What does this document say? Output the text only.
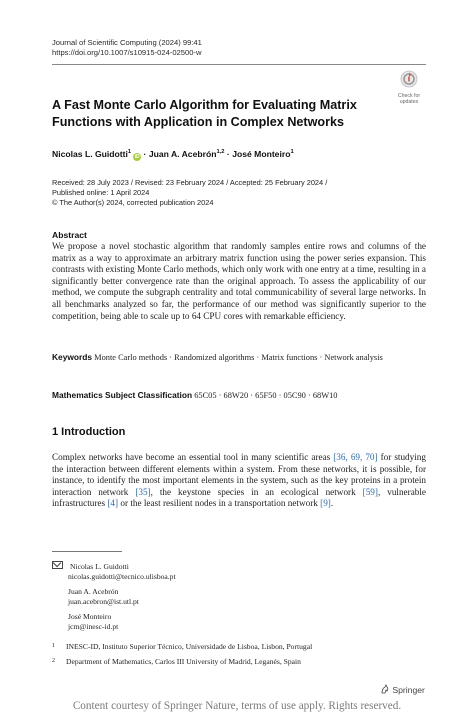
Journal of Scientific Computing (2024) 99:41
https://doi.org/10.1007/s10915-024-02500-w
Check for
updates
A Fast Monte Carlo Algorithm for Evaluating Matrix Functions with Application in Complex Networks
Nicolas L. Guidotti$^1$iD · Juan A. Acebrón$^{1,2}$ · José Monteiro$^1$
Received: 28 July 2023 / Revised: 23 February 2024 / Accepted: 25 February 2024 /
Published online: 1 April 2024
© The Author(s) 2024, corrected publication 2024
Abstract
We propose a novel stochastic algorithm that randomly samples entire rows and columns of the matrix as a way to approximate an arbitrary matrix function using the power series expansion. This contrasts with existing Monte Carlo methods, which only work with one entry at a time, resulting in a significantly better convergence rate than the original approach. To assess the applicability of our method, we compute the subgraph centrality and total communicability of several large networks. In all benchmarks analyzed so far, the performance of our method was significantly superior to the competition, being able to scale up to 64 CPU cores with remarkable efficiency.
Keywords Monte Carlo methods · Randomized algorithms · Matrix functions · Network analysis
Mathematics Subject Classification 65C05 · 68W20 · 65F50 · 05C90 · 68W10
1 Introduction
Complex networks have become an essential tool in many scientific areas [36, 69, 70] for studying the interaction between different elements within a system. From these networks, it is possible, for instance, to identify the most important elements in the system, such as the key proteins in a protein interaction network [35], the keystone species in an ecological network [59], vulnerable infrastructures [4] or the least resilient nodes in a transportation network [9].
Nicolas L. Guidotti
nicolas.guidotti@tecnico.ulisboa.pt
Juan A. Acebrón
juan.acebron@ist.utl.pt
José Monteiro
jcm@inesc-id.pt
1 INESC-ID, Instituto Superior Técnico, Universidade de Lisboa, Lisbon, Portugal
2 Department of Mathematics, Carlos III University of Madrid, Leganés, Spain
Springer
Content courtesy of Springer Nature, terms of use apply. Rights reserved.
